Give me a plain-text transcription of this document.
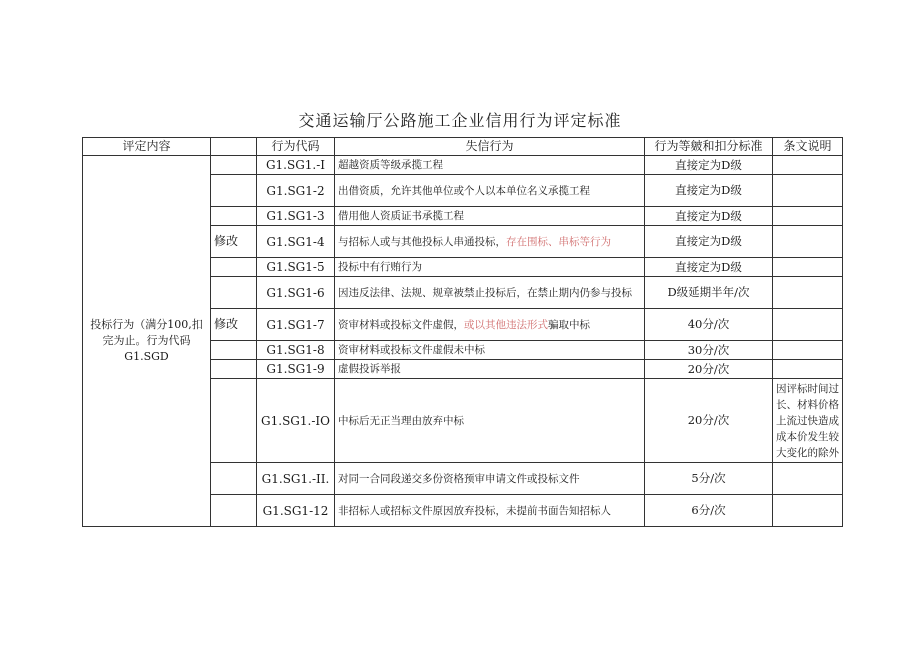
交通运输厅公路施工企业信用行为评定标准
评定内容		行为代码	失信行为	行为等皴和扣分标准	条文说明
投标行为（满分100,扣完为止。行为代码G1.SGD		G1.SG1.-I	超越资质等级承揽工程	直接定为D级	
		G1.SG1-2	出借资质，允许其他单位或个人以本单位名义承揽工程	直接定为D级	
		G1.SG1-3	借用他人资质证书承揽工程	直接定为D级	
	修改	G1.SG1-4	与招标人或与其他投标人串通投标，存在围标、串标等行为	直接定为D级	
		G1.SG1-5	投标中有行贿行为	直接定为D级	
		G1.SG1-6	因违反法律、法规、规章被禁止投标后，在禁止期内仍参与投标	D级延期半年/次	
	修改	G1.SG1-7	资审材料或投标文件虚假，或以其他违法形式骗取中标	40分/次	
		G1.SG1-8	资审材料或投标文件虚假未中标	30分/次	
		G1.SG1-9	虚假投诉举报	20分/次	
		G1.SG1.-IO	中标后无正当理由放弃中标	20分/次	因评标时间过长、材料价格上流过快造成成本价发生较大变化的除外
		G1.SG1.-II.	对同一合同段递交多份资格预审申请文件或投标文件	5分/次	
		G1.SG1-12	非招标人或招标文件原因放弃投标，未提前书面告知招标人	6分/次	
